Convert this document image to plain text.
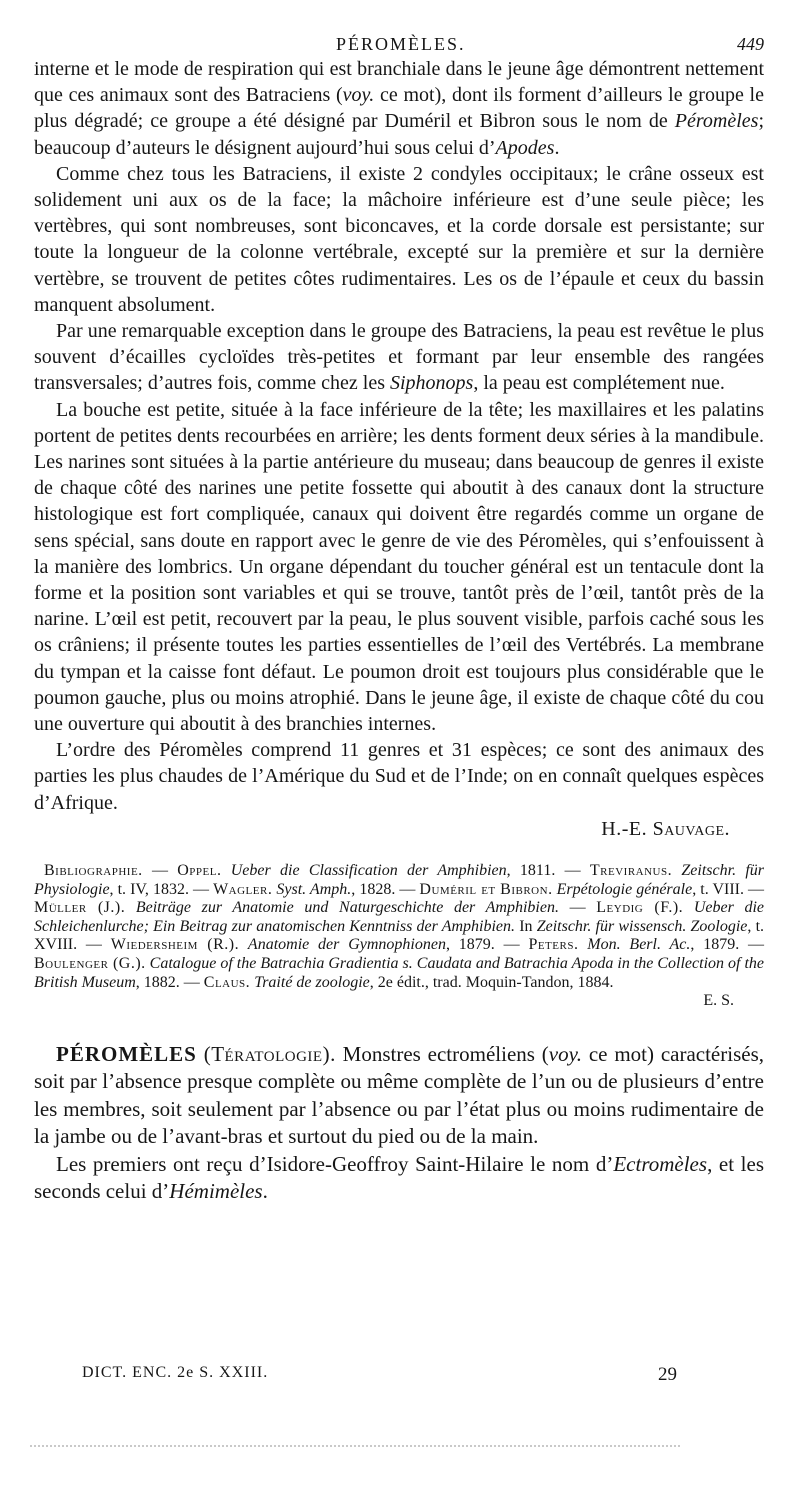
PÉROMÈLES.	449

interne et le mode de respiration qui est branchiale dans le jeune âge démontrent nettement que ces animaux sont des Batraciens (voy. ce mot), dont ils forment d’ailleurs le groupe le plus dégradé; ce groupe a été désigné par Duméril et Bibron sous le nom de Péromèles; beaucoup d’auteurs le désignent aujourd’hui sous celui d’Apodes.

Comme chez tous les Batraciens, il existe 2 condyles occipitaux; le crâne osseux est solidement uni aux os de la face; la mâchoire inférieure est d’une seule pièce; les vertèbres, qui sont nombreuses, sont biconcaves, et la corde dorsale est persistante; sur toute la longueur de la colonne vertébrale, excepté sur la première et sur la dernière vertèbre, se trouvent de petites côtes rudimentaires. Les os de l’épaule et ceux du bassin manquent absolument.

Par une remarquable exception dans le groupe des Batraciens, la peau est revêtue le plus souvent d’écailles cycloïdes très-petites et formant par leur ensemble des rangées transversales; d’autres fois, comme chez les Siphonops, la peau est complétement nue.

La bouche est petite, située à la face inférieure de la tête; les maxillaires et les palatins portent de petites dents recourbées en arrière; les dents forment deux séries à la mandibule. Les narines sont situées à la partie antérieure du museau; dans beaucoup de genres il existe de chaque côté des narines une petite fossette qui aboutit à des canaux dont la structure histologique est fort compliquée, canaux qui doivent être regardés comme un organe de sens spécial, sans doute en rapport avec le genre de vie des Péromèles, qui s’enfouissent à la manière des lombrics. Un organe dépendant du toucher général est un tentacule dont la forme et la position sont variables et qui se trouve, tantôt près de l’œil, tantôt près de la narine. L’œil est petit, recouvert par la peau, le plus souvent visible, parfois caché sous les os crâniens; il présente toutes les parties essentielles de l’œil des Vertébrés. La membrane du tympan et la caisse font défaut. Le poumon droit est toujours plus considérable que le poumon gauche, plus ou moins atrophié. Dans le jeune âge, il existe de chaque côté du cou une ouverture qui aboutit à des branchies internes.

L’ordre des Péromèles comprend 11 genres et 31 espèces; ce sont des animaux des parties les plus chaudes de l’Amérique du Sud et de l’Inde; on en connaît quelques espèces d’Afrique.

H.-E. Sauvage.

Bibliographie. — Oppel. Ueber die Classification der Amphibien, 1811. — Treviranus. Zeitschr. für Physiologie, t. IV, 1832. — Wagler. Syst. Amph., 1828. — Duméril et Bibron. Erpétologie générale, t. VIII. — Müller (J.). Beiträge zur Anatomie und Naturgeschichte der Amphibien. — Leydig (F.). Ueber die Schleichenlurche; Ein Beitrag zur anatomischen Kenntniss der Amphibien. In Zeitschr. für wissensch. Zoologie, t. XVIII. — Wiedersheim (R.). Anatomie der Gymnophionen, 1879. — Peters. Mon. Berl. Ac., 1879. — Boulenger (G.). Catalogue of the Batrachia Gradientia s. Caudata and Batrachia Apoda in the Collection of the British Museum, 1882. — Claus. Traité de zoologie, 2e édit., trad. Moquin-Tandon, 1884.

E. S.

PÉROMÈLES (Tératologie). Monstres ectroméliens (voy. ce mot) caractérisés, soit par l’absence presque complète ou même complète de l’un ou de plusieurs d’entre les membres, soit seulement par l’absence ou par l’état plus ou moins rudimentaire de la jambe ou de l’avant-bras et surtout du pied ou de la main.

Les premiers ont reçu d’Isidore-Geoffroy Saint-Hilaire le nom d’Ectromèles, et les seconds celui d’Hémimèles.

DICT. ENC. 2e S. XXIII.	29
